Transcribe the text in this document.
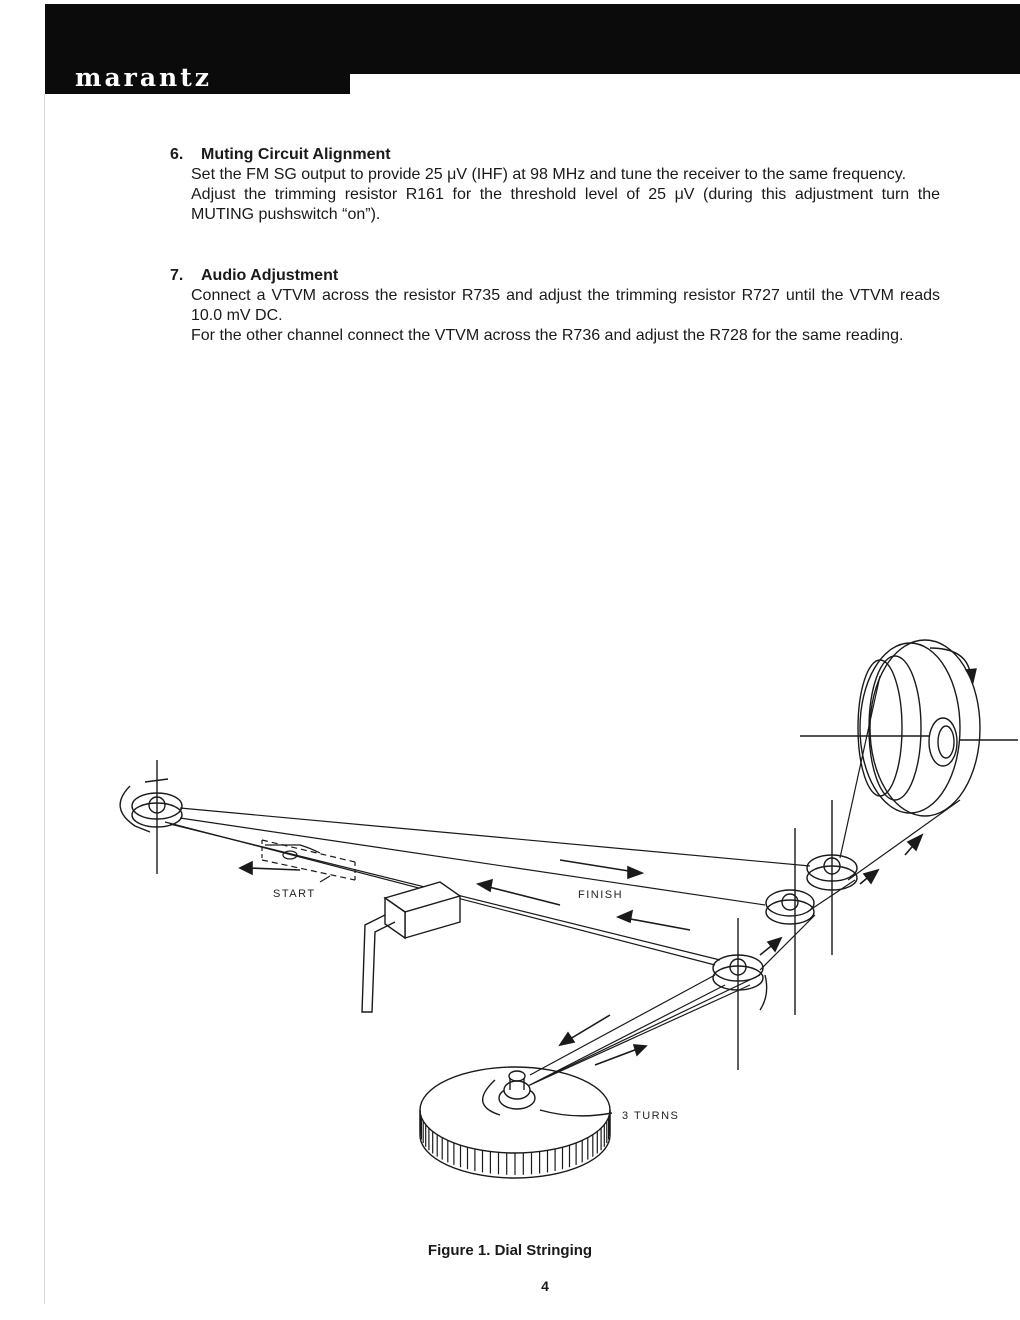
marantz

6. Muting Circuit Alignment

Set the FM SG output to provide 25 μV (IHF) at 98 MHz and tune the receiver to the same frequency.

Adjust the trimming resistor R161 for the threshold level of 25 μV (during this adjustment turn the MUTING pushswitch “on”).

7. Audio Adjustment

Connect a VTVM across the resistor R735 and adjust the trimming resistor R727 until the VTVM reads 10.0 mV DC.

For the other channel connect the VTVM across the R736 and adjust the R728 for the same reading.

START	FINISH
3 TURNS
Figure 1. Dial Stringing
4
